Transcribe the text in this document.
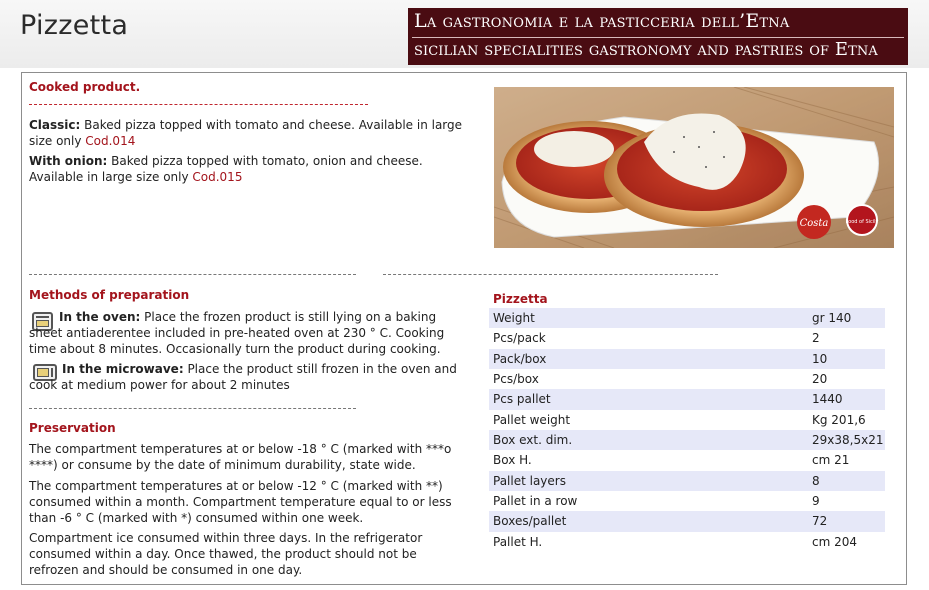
Pizzetta	La gastronomia e la pasticceria dell’Etna
sicilian specialities gastronomy and pastries of Etna
Cooked product.
Classic: Baked pizza topped with tomato and cheese. Available in large size only Cod.014
With onion: Baked pizza topped with tomato, onion and cheese. Available in large size only Cod.015
Costa	Food of Sicily
Methods of preparation
In the oven: Place the frozen product is still lying on a baking sheet antiaderentee included in pre-heated oven at 230 ° C. Cooking time about 8 minutes. Occasionally turn the product during cooking.
In the microwave: Place the product still frozen in the oven and cook at medium power for about 2 minutes
Preservation
The compartment temperatures at or below -18 ° C (marked with ***o ****) or consume by the date of minimum durability, state wide.
The compartment temperatures at or below -12 ° C (marked with **) consumed within a month. Compartment temperature equal to or less than -6 ° C (marked with *) consumed within one week.
Compartment ice consumed within three days. In the refrigerator consumed within a day. Once thawed, the product should not be refrozen and should be consumed in one day.
Pizzetta
Weight	gr 140
Pcs/pack	2
Pack/box	10
Pcs/box	20
Pcs pallet	1440
Pallet weight	Kg 201,6
Box ext. dim.	29x38,5x21
Box H.	cm 21
Pallet layers	8
Pallet in a row	9
Boxes/pallet	72
Pallet H.	cm 204
